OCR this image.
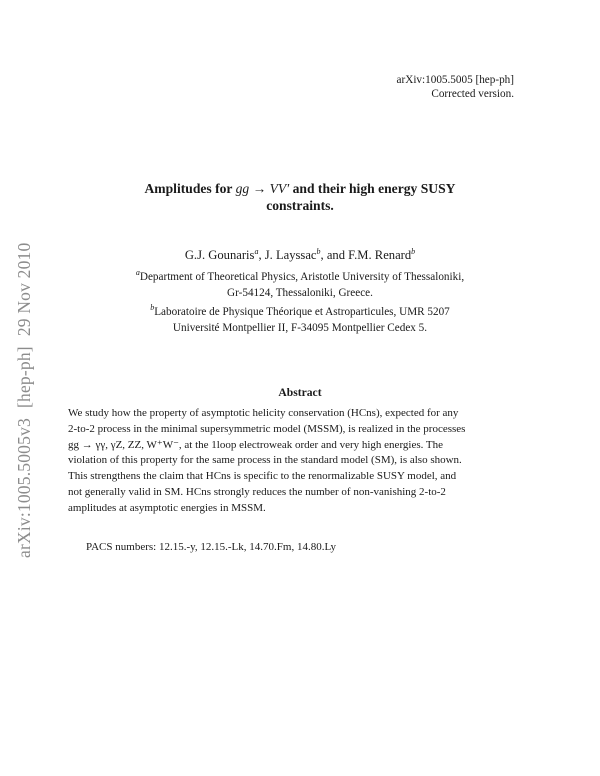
arXiv:1005.5005v3[hep-ph]29 Nov 2010
arXiv:1005.5005 [hep-ph]
Corrected version.
Amplitudes for gg → VV′ and their high energy SUSY
constraints.
G.J. Gounaris$^a$, J. Layssac$^b$, and F.M. Renard$^b$
$^a$Department of Theoretical Physics, Aristotle University of Thessaloniki,
Gr-54124, Thessaloniki, Greece.
$^b$Laboratoire de Physique Théorique et Astroparticules, UMR 5207
Université Montpellier II, F-34095 Montpellier Cedex 5.
Abstract
We study how the property of asymptotic helicity conservation (HCns), expected for any
2-to-2 process in the minimal supersymmetric model (MSSM), is realized in the processes
gg → γγ, γZ, ZZ, W⁺W⁻, at the 1loop electroweak order and very high energies. The
violation of this property for the same process in the standard model (SM), is also shown.
This strengthens the claim that HCns is specific to the renormalizable SUSY model, and
not generally valid in SM. HCns strongly reduces the number of non-vanishing 2-to-2
amplitudes at asymptotic energies in MSSM.
PACS numbers: 12.15.-y, 12.15.-Lk, 14.70.Fm, 14.80.Ly
